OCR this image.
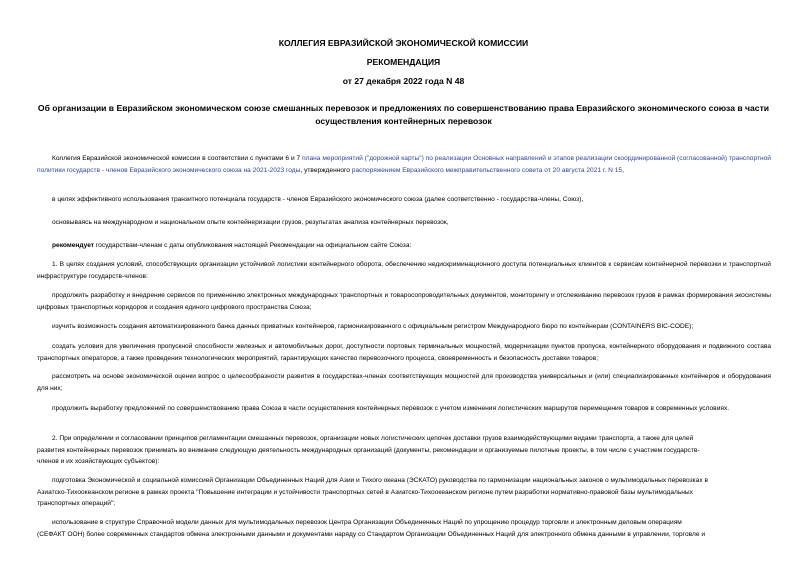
КОЛЛЕГИЯ ЕВРАЗИЙСКОЙ ЭКОНОМИЧЕСКОЙ КОМИССИИ
РЕКОМЕНДАЦИЯ
от 27 декабря 2022 года N 48
Об организации в Евразийском экономическом союзе смешанных перевозок и предложениях по совершенствованию права Евразийского экономического союза в части осуществления контейнерных перевозок

Коллегия Евразийской экономической комиссии в соответствии с пунктами 6 и 7 плана мероприятий ("дорожной карты") по реализации Основных направлений и этапов реализации скоординированной (согласованной) транспортной политики государств - членов Евразийского экономического союза на 2021-2023 годы, утвержденного распоряжением Евразийского межправительственного совета от 20 августа 2021 г. N 15,

в целях эффективного использования транзитного потенциала государств - членов Евразийского экономического союза (далее соответственно - государства-члены, Союз),

основываясь на международном и национальном опыте контейнеризации грузов, результатах анализа контейнерных перевозок,

рекомендует государствам-членам с даты опубликования настоящей Рекомендации на официальном сайте Союза:

1. В целях создания условий, способствующих организации устойчивой логистики контейнерного оборота, обеспечению недискриминационного доступа потенциальных клиентов к сервисам контейнерной перевозки и транспортной инфраструктуре государств-членов:

продолжить разработку и внедрение сервисов по применению электронных международных транспортных и товаросопроводительных документов, мониторингу и отслеживанию перевозок грузов в рамках формирования экосистемы цифровых транспортных коридоров и создания единого цифрового пространства Союза;

изучить возможность создания автоматизированного банка данных приватных контейнеров, гармонизированного с официальным регистром Международного бюро по контейнерам (CONTAINERS BIC-CODE);

создать условия для увеличения пропускной способности железных и автомобильных дорог, доступности портовых терминальных мощностей, модернизации пунктов пропуска, контейнерного оборудования и подвижного состава транспортных операторов, а также проведения технологических мероприятий, гарантирующих качество перевозочного процесса, своевременность и безопасность доставки товаров;

рассмотреть на основе экономической оценки вопрос о целесообразности развития в государствах-членах соответствующих мощностей для производства универсальных и (или) специализированных контейнеров и оборудования для них;

продолжить выработку предложений по совершенствованию права Союза в части осуществления контейнерных перевозок с учетом изменения логистических маршрутов перемещения товаров в современных условиях.

2. При определении и согласовании принципов регламентации смешанных перевозок, организации новых логистических цепочек доставки грузов взаимодействующими видами транспорта, а также для целей
развития контейнерных перевозок принимать во внимание следующую деятельность международных организаций (документы, рекомендации и организуемые пилотные проекты, в том числе с участием государств-
членов и их хозяйствующих субъектов):
подготовка Экономической и социальной комиссией Организации Объединенных Наций для Азии и Тихого океана (ЭСКАТО) руководства по гармонизации национальных законов о мультимодальных перевозках в
Азиатско-Тихоокеанском регионе в рамках проекта "Повышение интеграции и устойчивости транспортных сетей в Азиатско-Тихоокеанском регионе путем разработки нормативно-правовой базы мультимодальных
транспортных операций";
использование в структуре Справочной модели данных для мультимодальных перевозок Центра Организации Объединенных Наций по упрощению процедур торговли и электронным деловым операциям
(СЕФАКТ ООН) более современных стандартов обмена электронными данными и документами наряду со Стандартом Организации Объединенных Наций для электронного обмена данными в управлении, торговле и
